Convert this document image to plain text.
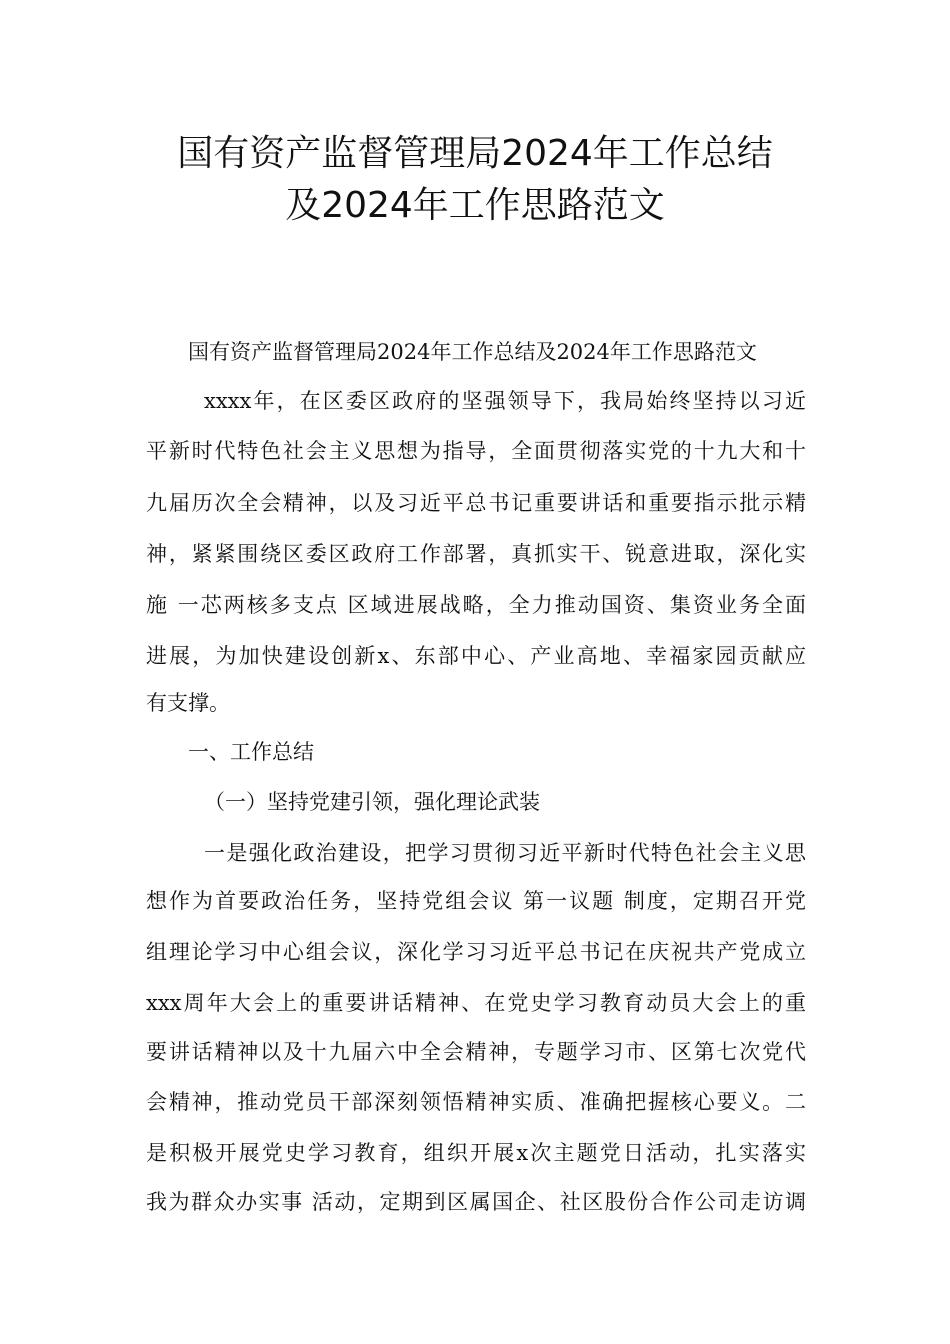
国有资产监督管理局2024年工作总结
及2024年工作思路范文
国有资产监督管理局2024年工作总结及2024年工作思路范文
xxxx年，在区委区政府的坚强领导下，我局始终坚持以习近
平新时代特色社会主义思想为指导，全面贯彻落实党的十九大和十
九届历次全会精神，以及习近平总书记重要讲话和重要指示批示精
神，紧紧围绕区委区政府工作部署，真抓实干、锐意进取，深化实
施 一芯两核多支点 区域进展战略，全力推动国资、集资业务全面
进展，为加快建设创新x、东部中心、产业高地、幸福家园贡献应
有支撑。
一、工作总结
（一）坚持党建引领，强化理论武装
一是强化政治建设，把学习贯彻习近平新时代特色社会主义思
想作为首要政治任务，坚持党组会议 第一议题 制度，定期召开党
组理论学习中心组会议，深化学习习近平总书记在庆祝共产党成立
xxx周年大会上的重要讲话精神、在党史学习教育动员大会上的重
要讲话精神以及十九届六中全会精神，专题学习市、区第七次党代
会精神，推动党员干部深刻领悟精神实质、准确把握核心要义。二
是积极开展党史学习教育，组织开展x次主题党日活动，扎实落实
我为群众办实事 活动，定期到区属国企、社区股份合作公司走访调
